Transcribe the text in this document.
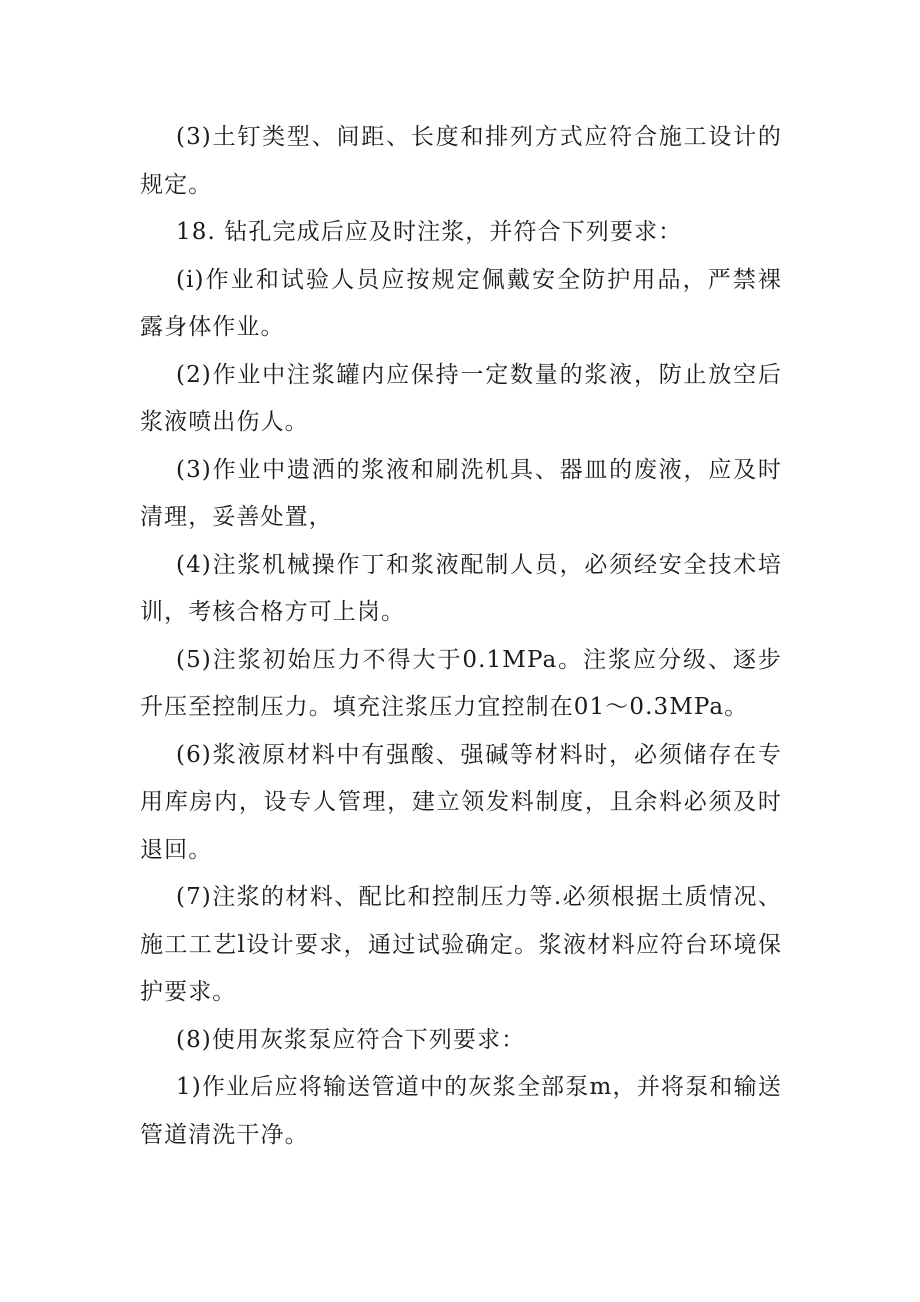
(3)土钉类型、间距、长度和排列方式应符合施工设计的规定。

18. 钻孔完成后应及时注浆，并符合下列要求：

(i)作业和试验人员应按规定佩戴安全防护用品，严禁裸露身体作业。

(2)作业中注浆罐内应保持一定数量的浆液，防止放空后浆液喷出伤人。

(3)作业中遗洒的浆液和刷洗机具、器皿的废液，应及时清理，妥善处置，

(4)注浆机械操作丁和浆液配制人员，必须经安全技术培训，考核合格方可上岗。

(5)注浆初始压力不得大于0.1MPa。注浆应分级、逐步升压至控制压力。填充注浆压力宜控制在01～0.3MPa。

(6)浆液原材料中有强酸、强碱等材料时，必须储存在专用库房内，设专人管理，建立领发料制度，且余料必须及时退回。

(7)注浆的材料、配比和控制压力等.必须根据土质情况、施工工艺l设计要求，通过试验确定。浆液材料应符台环境保护要求。

(8)使用灰浆泵应符合下列要求：

1)作业后应将输送管道中的灰浆全部泵m，并将泵和输送管道清洗干净。
